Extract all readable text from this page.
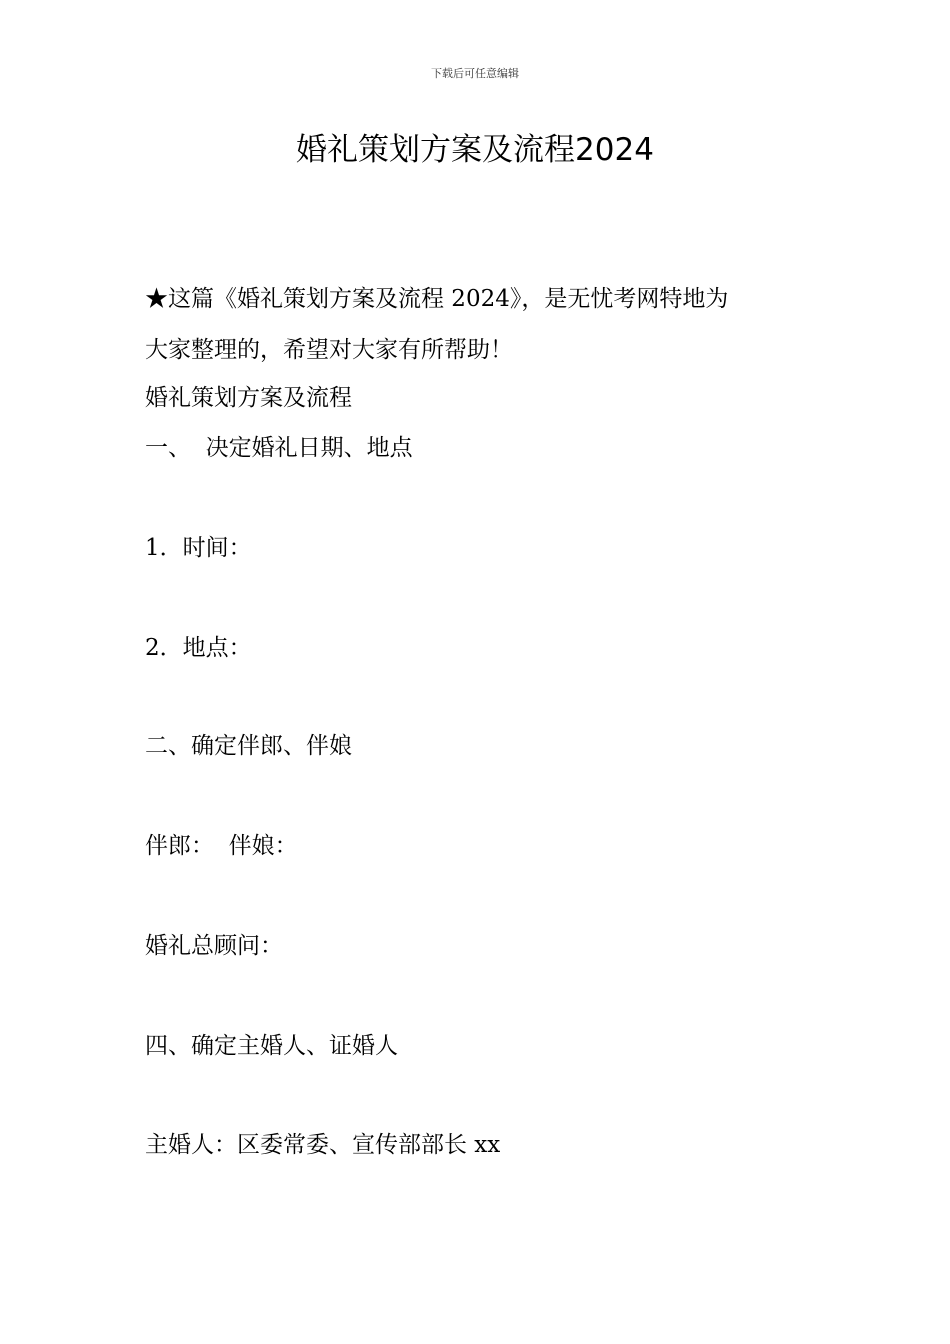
下载后可任意编辑
婚礼策划方案及流程2024
★这篇《婚礼策划方案及流程 2024》，是无忧考网特地为
大家整理的，希望对大家有所帮助！
婚礼策划方案及流程
一、  决定婚礼日期、地点
1．时间：
2．地点：
二、确定伴郎、伴娘
伴郎：  伴娘：
婚礼总顾问：
四、确定主婚人、证婚人
主婚人：区委常委、宣传部部长 xx
